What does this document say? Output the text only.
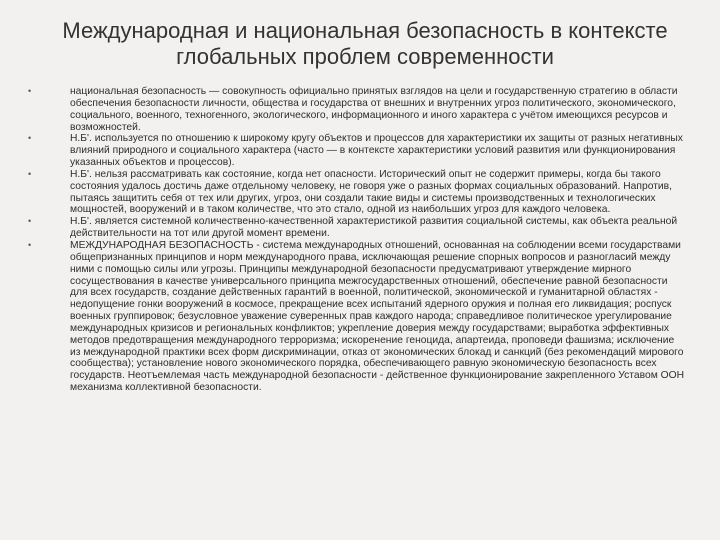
Международная и национальная безопасность в контексте глобальных проблем современности
•	национальная безопасность — совокупность официально принятых взглядов на цели и государственную стратегию в области обеспечения безопасности личности, общества и государства от внешних и внутренних угроз политического, экономического, социального, военного, техногенного, экологического, информационного и иного характера с учётом имеющихся ресурсов и возможностей.
•	Н.Б'. используется по отношению к широкому кругу объектов и процессов для характеристики их защиты от разных негативных влияний природного и социального характера (часто — в контексте характеристики условий развития или функционирования указанных объектов и процессов).
•	Н.Б'. нельзя рассматривать как состояние, когда нет опасности. Исторический опыт не содержит примеры, когда бы такого состояния удалось достичь даже отдельному человеку, не говоря уже о разных формах социальных образований. Напротив, пытаясь защитить себя от тех или других, угроз, они создали такие виды и системы производственных и технологических мощностей, вооружений и в таком количестве, что это стало, одной из наибольших угроз для каждого человека.
•	Н.Б'. является системной количественно-качественной характеристикой развития социальной системы, как объекта реальной действительности на тот или другой момент времени.
•	МЕЖДУНАРОДНАЯ БЕЗОПАСНОСТЬ - система международных отношений, основанная на соблюдении всеми государствами общепризнанных принципов и норм международного права, исключающая решение спорных вопросов и разногласий между ними с помощью силы или угрозы. Принципы международной безопасности предусматривают утверждение мирного сосуществования в качестве универсального принципа межгосударственных отношений, обеспечение равной безопасности для всех государств, создание действенных гарантий в военной, политической, экономической и гуманитарной областях - недопущение гонки вооружений в космосе, прекращение всех испытаний ядерного оружия и полная его ликвидация; роспуск военных группировок; безусловное уважение суверенных прав каждого народа; справедливое политическое урегулирование международных кризисов и региональных конфликтов; укрепление доверия между государствами; выработка эффективных методов предотвращения международного терроризма; искоренение геноцида, апартеида, проповеди фашизма; исключение из международной практики всех форм дискриминации, отказ от экономических блокад и санкций (без рекомендаций мирового сообщества); установление нового экономического порядка, обеспечивающего равную экономическую безопасность всех государств. Неотъемлемая часть международной безопасности - действенное функционирование закрепленного Уставом ООН механизма коллективной безопасности.
